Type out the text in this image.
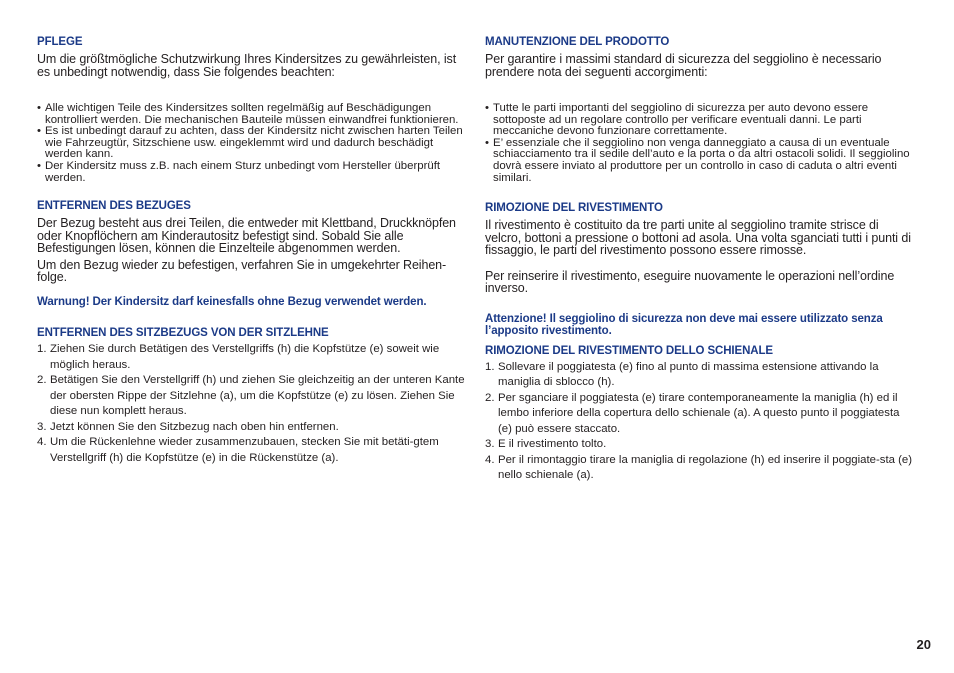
PFLEGE

Um die größtmögliche Schutzwirkung Ihres Kindersitzes zu gewährleisten, ist es unbedingt notwendig, dass Sie folgendes beachten:

• Alle wichtigen Teile des Kindersitzes sollten regelmäßig auf Beschädigungen kontrolliert werden. Die mechanischen Bauteile müssen einwandfrei funktionieren.
• Es ist unbedingt darauf zu achten, dass der Kindersitz nicht zwischen harten Teilen wie Fahrzeugtür, Sitzschiene usw. eingeklemmt wird und dadurch beschädigt werden kann.
• Der Kindersitz muss z.B. nach einem Sturz unbedingt vom Hersteller überprüft werden.
ENTFERNEN DES BEZUGES

Der Bezug besteht aus drei Teilen, die entweder mit Klettband, Druckknöpfen oder Knopflöchern am Kinderautositz befestigt sind. Sobald Sie alle Befestigungen lösen, können die Einzelteile abgenommen werden.

Um den Bezug wieder zu befestigen, verfahren Sie in umgekehrter Reihen-folge.

Warnung! Der Kindersitz darf keinesfalls ohne Bezug verwendet werden.

ENTFERNEN DES SITZBEZUGS VON DER SITZLEHNE
1. Ziehen Sie durch Betätigen des Verstellgriffs (h) die Kopfstütze (e) soweit wie möglich heraus.
2. Betätigen Sie den Verstellgriff (h) und ziehen Sie gleichzeitig an der unteren Kante der obersten Rippe der Sitzlehne (a), um die Kopfstütze (e) zu lösen. Ziehen Sie diese nun komplett heraus.
3. Jetzt können Sie den Sitzbezug nach oben hin entfernen.
4. Um die Rückenlehne wieder zusammenzubauen, stecken Sie mit betäti-gtem Verstellgriff (h) die Kopfstütze (e) in die Rückenstütze (a).
MANUTENZIONE DEL PRODOTTO

Per garantire i massimi standard di sicurezza del seggiolino è necessario prendere nota dei seguenti accorgimenti:

• Tutte le parti importanti del seggiolino di sicurezza per auto devono essere sottoposte ad un regolare controllo per verificare eventuali danni. Le parti meccaniche devono funzionare correttamente.
• E’ essenziale che il seggiolino non venga danneggiato a causa di un eventuale schiacciamento tra il sedile dell’auto e la porta o da altri ostacoli solidi. Il seggiolino dovrà essere inviato al produttore per un controllo in caso di caduta o altri eventi similari.
RIMOZIONE DEL RIVESTIMENTO

Il rivestimento è costituito da tre parti unite al seggiolino tramite strisce di velcro, bottoni a pressione o bottoni ad asola. Una volta sganciati tutti i punti di fissaggio, le parti del rivestimento possono essere rimosse.

Per reinserire il rivestimento, eseguire nuovamente le operazioni nell’ordine inverso.

Attenzione! Il seggiolino di sicurezza non deve mai essere utilizzato senza l’apposito rivestimento.

RIMOZIONE DEL RIVESTIMENTO DELLO SCHIENALE
1. Sollevare il poggiatesta (e) fino al punto di massima estensione attivando la maniglia di sblocco (h).
2. Per sganciare il poggiatesta (e) tirare contemporaneamente la maniglia (h) ed il lembo inferiore della copertura dello schienale (a). A questo punto il poggiatesta (e) può essere staccato.
3. E il rivestimento tolto.
4. Per il rimontaggio tirare la maniglia di regolazione (h) ed inserire il poggiate-sta (e) nello schienale (a).
20
